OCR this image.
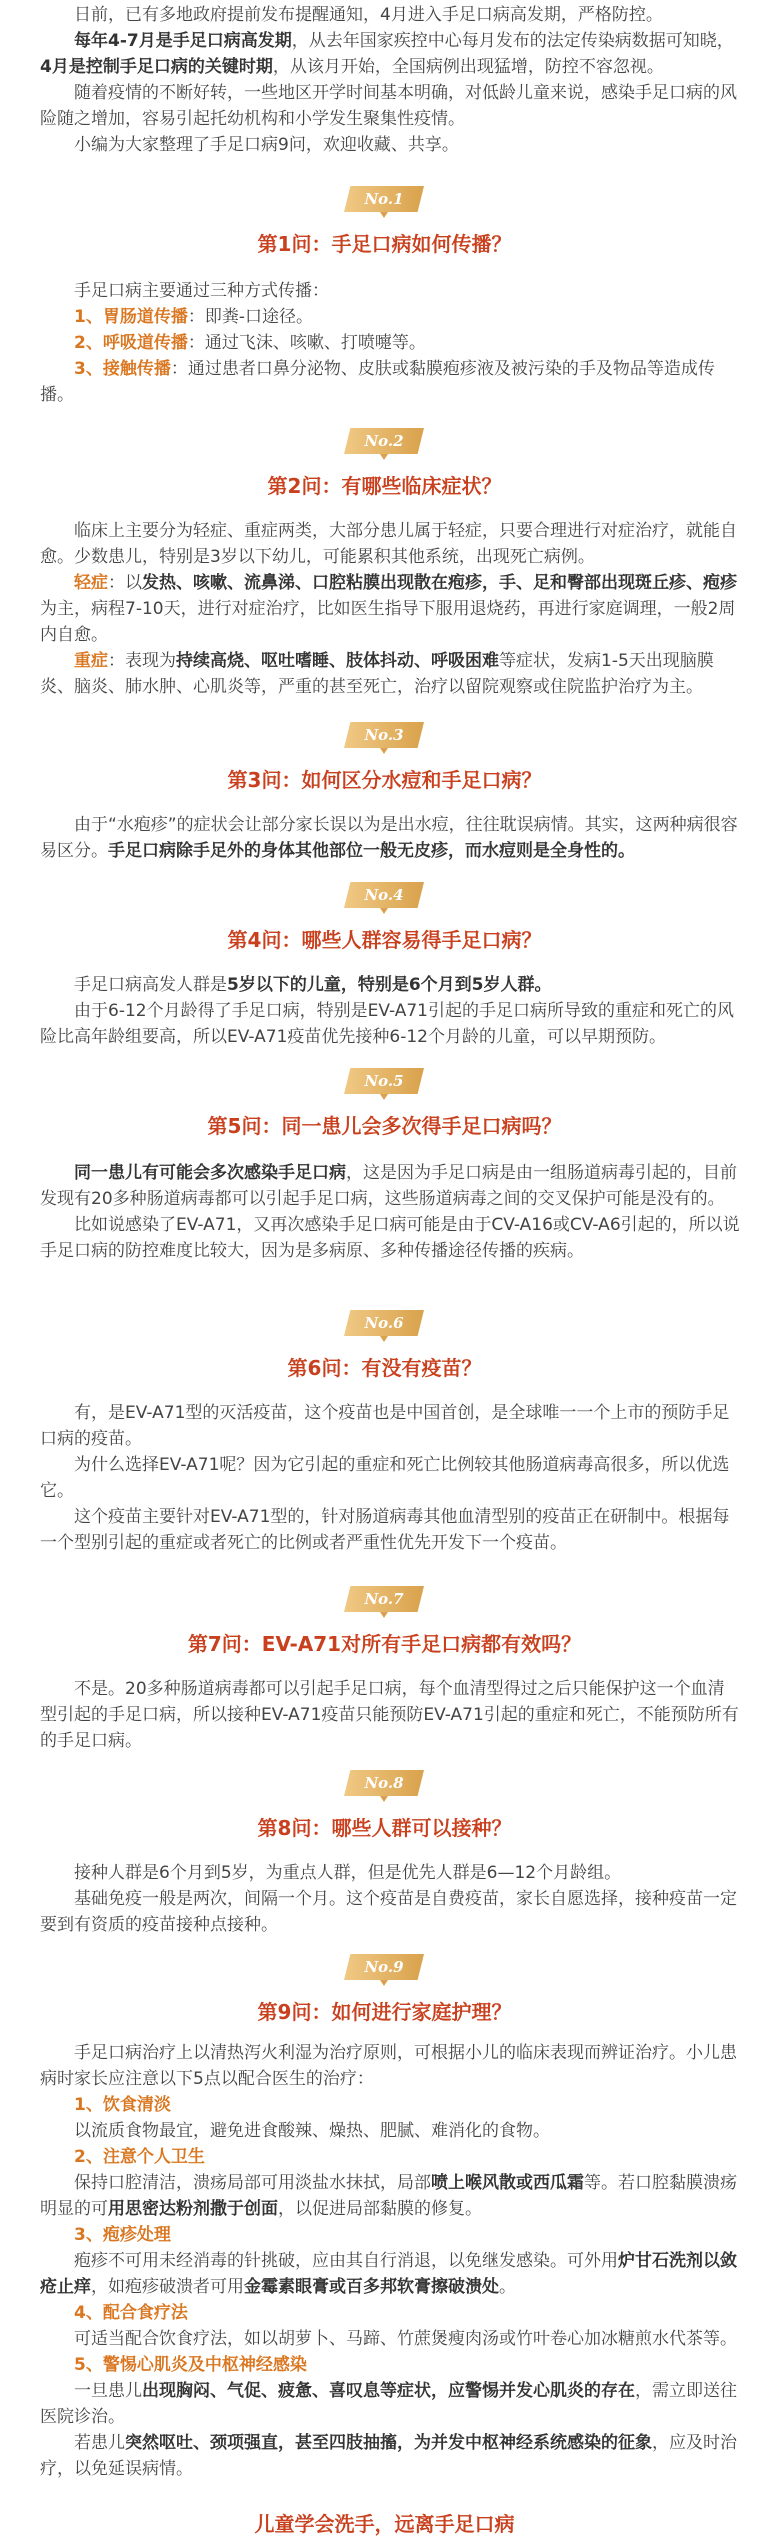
日前，已有多地政府提前发布提醒通知，4月进入手足口病高发期，严格防控。

每年4-7月是手足口病高发期，从去年国家疾控中心每月发布的法定传染病数据可知晓，4月是控制手足口病的关键时期，从该月开始，全国病例出现猛增，防控不容忽视。

随着疫情的不断好转，一些地区开学时间基本明确，对低龄儿童来说，感染手足口病的风险随之增加，容易引起托幼机构和小学发生聚集性疫情。

小编为大家整理了手足口病9问，欢迎收藏、共享。

No.1
第1问：手足口病如何传播？

手足口病主要通过三种方式传播：

1、胃肠道传播：即粪-口途径。

2、呼吸道传播：通过飞沫、咳嗽、打喷嚏等。

3、接触传播：通过患者口鼻分泌物、皮肤或黏膜疱疹液及被污染的手及物品等造成传播。

No.2
第2问：有哪些临床症状？

临床上主要分为轻症、重症两类，大部分患儿属于轻症，只要合理进行对症治疗，就能自愈。少数患儿，特别是3岁以下幼儿，可能累积其他系统，出现死亡病例。

轻症：以发热、咳嗽、流鼻涕、口腔粘膜出现散在疱疹，手、足和臀部出现斑丘疹、疱疹为主，病程7-10天，进行对症治疗，比如医生指导下服用退烧药，再进行家庭调理，一般2周内自愈。

重症：表现为持续高烧、呕吐嗜睡、肢体抖动、呼吸困难等症状，发病1-5天出现脑膜炎、脑炎、肺水肿、心肌炎等，严重的甚至死亡，治疗以留院观察或住院监护治疗为主。

No.3
第3问：如何区分水痘和手足口病？

由于“水疱疹”的症状会让部分家长误以为是出水痘，往往耽误病情。其实，这两种病很容易区分。手足口病除手足外的身体其他部位一般无皮疹，而水痘则是全身性的。

No.4
第4问：哪些人群容易得手足口病？

手足口病高发人群是5岁以下的儿童，特别是6个月到5岁人群。

由于6-12个月龄得了手足口病，特别是EV-A71引起的手足口病所导致的重症和死亡的风险比高年龄组要高，所以EV-A71疫苗优先接种6-12个月龄的儿童，可以早期预防。

No.5
第5问：同一患儿会多次得手足口病吗？

同一患儿有可能会多次感染手足口病，这是因为手足口病是由一组肠道病毒引起的，目前发现有20多种肠道病毒都可以引起手足口病，这些肠道病毒之间的交叉保护可能是没有的。

比如说感染了EV-A71，又再次感染手足口病可能是由于CV-A16或CV-A6引起的，所以说手足口病的防控难度比较大，因为是多病原、多种传播途径传播的疾病。

No.6
第6问：有没有疫苗？

有，是EV-A71型的灭活疫苗，这个疫苗也是中国首创，是全球唯一一个上市的预防手足口病的疫苗。

为什么选择EV-A71呢？因为它引起的重症和死亡比例较其他肠道病毒高很多，所以优选它。

这个疫苗主要针对EV-A71型的，针对肠道病毒其他血清型别的疫苗正在研制中。根据每一个型别引起的重症或者死亡的比例或者严重性优先开发下一个疫苗。

No.7
第7问：EV-A71对所有手足口病都有效吗？

不是。20多种肠道病毒都可以引起手足口病，每个血清型得过之后只能保护这一个血清型引起的手足口病，所以接种EV-A71疫苗只能预防EV-A71引起的重症和死亡，不能预防所有的手足口病。

No.8
第8问：哪些人群可以接种？

接种人群是6个月到5岁，为重点人群，但是优先人群是6—12个月龄组。

基础免疫一般是两次，间隔一个月。这个疫苗是自费疫苗，家长自愿选择，接种疫苗一定要到有资质的疫苗接种点接种。

No.9
第9问：如何进行家庭护理？

手足口病治疗上以清热泻火利湿为治疗原则，可根据小儿的临床表现而辨证治疗。小儿患病时家长应注意以下5点以配合医生的治疗：

1、饮食清淡

以流质食物最宜，避免进食酸辣、燥热、肥腻、难消化的食物。

2、注意个人卫生

保持口腔清洁，溃疡局部可用淡盐水抹拭，局部喷上喉风散或西瓜霜等。若口腔黏膜溃疡明显的可用思密达粉剂撒于创面，以促进局部黏膜的修复。

3、疱疹处理

疱疹不可用未经消毒的针挑破，应由其自行消退，以免继发感染。可外用炉甘石洗剂以敛疮止痒，如疱疹破溃者可用金霉素眼膏或百多邦软膏擦破溃处。

4、配合食疗法

可适当配合饮食疗法，如以胡萝卜、马蹄、竹蔗煲瘦肉汤或竹叶卷心加冰糖煎水代茶等。

5、警惕心肌炎及中枢神经感染

一旦患儿出现胸闷、气促、疲惫、喜叹息等症状，应警惕并发心肌炎的存在，需立即送往医院诊治。

若患儿突然呕吐、颈项强直，甚至四肢抽搐，为并发中枢神经系统感染的征象，应及时治疗，以免延误病情。

儿童学会洗手，远离手足口病
